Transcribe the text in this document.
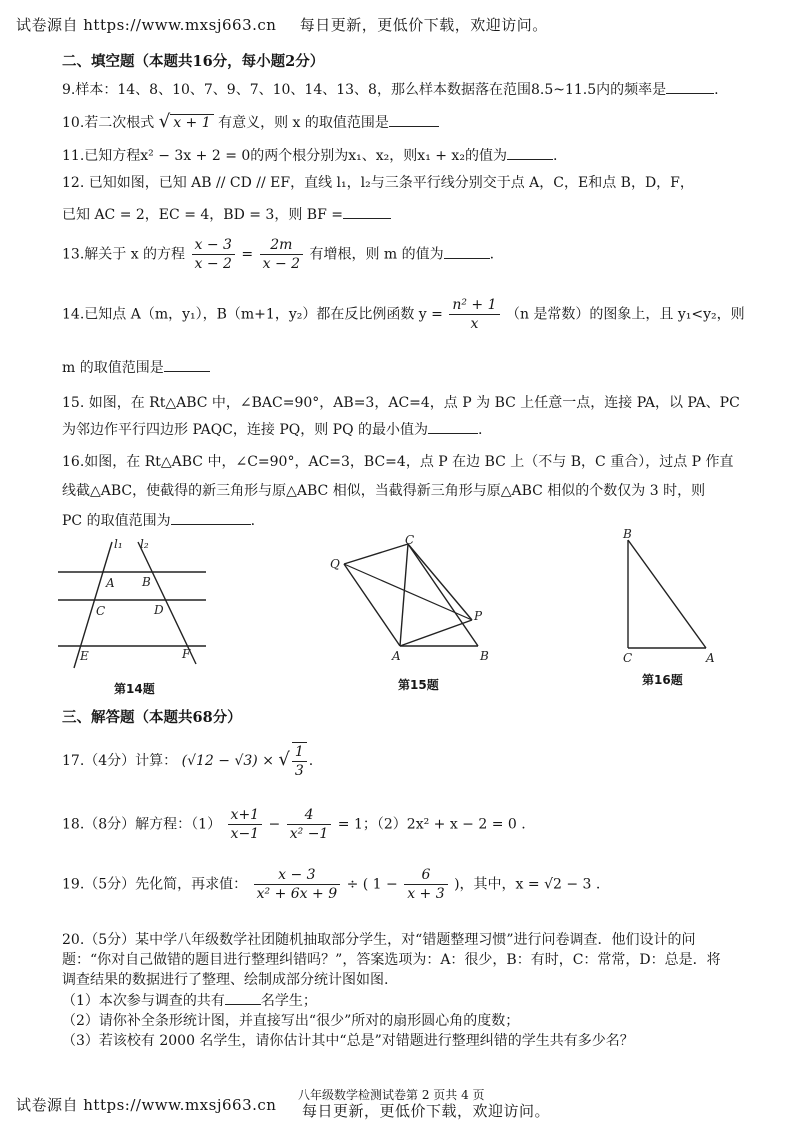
试卷源自 https://www.mxsj663.cn 每日更新，更低价下载，欢迎访问。
二、填空题（本题共16分，每小题2分）
9.样本：14、8、10、7、9、7、10、14、13、8，那么样本数据落在范围8.5~11.5内的频率是	.
10.若二次根式 √ x + 1 有意义，则 x 的取值范围是
11.已知方程x² − 3x + 2 = 0的两个根分别为x₁、x₂，则x₁ + x₂的值为	.
12. 已知如图，已知 AB // CD // EF，直线 l₁，l₂与三条平行线分别交于点 A，C，E和点 B，D，F，
已知 AC = 2，EC = 4，BD = 3，则 BF =
13.解关于 x 的方程 $\frac{x - 3}{x - 2} = \frac{2m}{x - 2}$ 有增根，则 m 的值为	.
14.已知点 A（m，y₁），B（m+1，y₂）都在反比例函数 $y = \frac{\text{n² + 1}}{x} (n$ 是常数）的图象上，且 y₁<y₂，则
m 的取值范围是
15. 如图，在 Rt△ABC 中，∠BAC=90°，AB=3，AC=4，点 P 为 BC 上任意一点，连接 PA，以 PA、PC
为邻边作平行四边形 PAQC，连接 PQ，则 PQ 的最小值为	.
16.如图，在 Rt△ABC 中，∠C=90°，AC=3，BC=4，点 P 在边 BC 上（不与 B，C 重合），过点 P 作直
线截△ABC，使截得的新三角形与原△ABC 相似，当截得新三角形与原△ABC 相似的个数仅为 3 时，则
PC 的取值范围为	.
l₁ l₂
A B
C	D
E	F
第14题
Q
C
P
A	B
第15题
B
C	A
第16题
三、解答题（本题共68分）
17.（4分）计算： (√12 − √3) × √ $\frac{1}{3}$ .
18.（8分）解方程：$(1) \frac{x+1}{x-1} - \frac{4}{\text{x² −1}} = 1$；（2）2x² + x − 2 = 0 .
19.（5分）先化简，再求值： $\frac{x - 3}{\text{x² + 6x + 9}}$ ÷ ( $1 - \frac{6}{x + 3}$ )，其中，x = √2 − 3 .
20.（5分）某中学八年级数学社团随机抽取部分学生，对“错题整理习惯”进行问卷调查．他们设计的问
题：“你对自己做错的题目进行整理纠错吗？”，答案选项为：A：很少，B：有时，C：常常，D：总是．将
调查结果的数据进行了整理、绘制成部分统计图如图.
（1）本次参与调查的共有	名学生；
（2）请你补全条形统计图，并直接写出“很少”所对的扇形圆心角的度数；
（3）若该校有 2000 名学生，请你估计其中“总是”对错题进行整理纠错的学生共有多少名？
试卷源自 https://www.mxsj663.cn
八年级数学检测试卷第 2 页共 4 页
每日更新，更低价下载，欢迎访问。
